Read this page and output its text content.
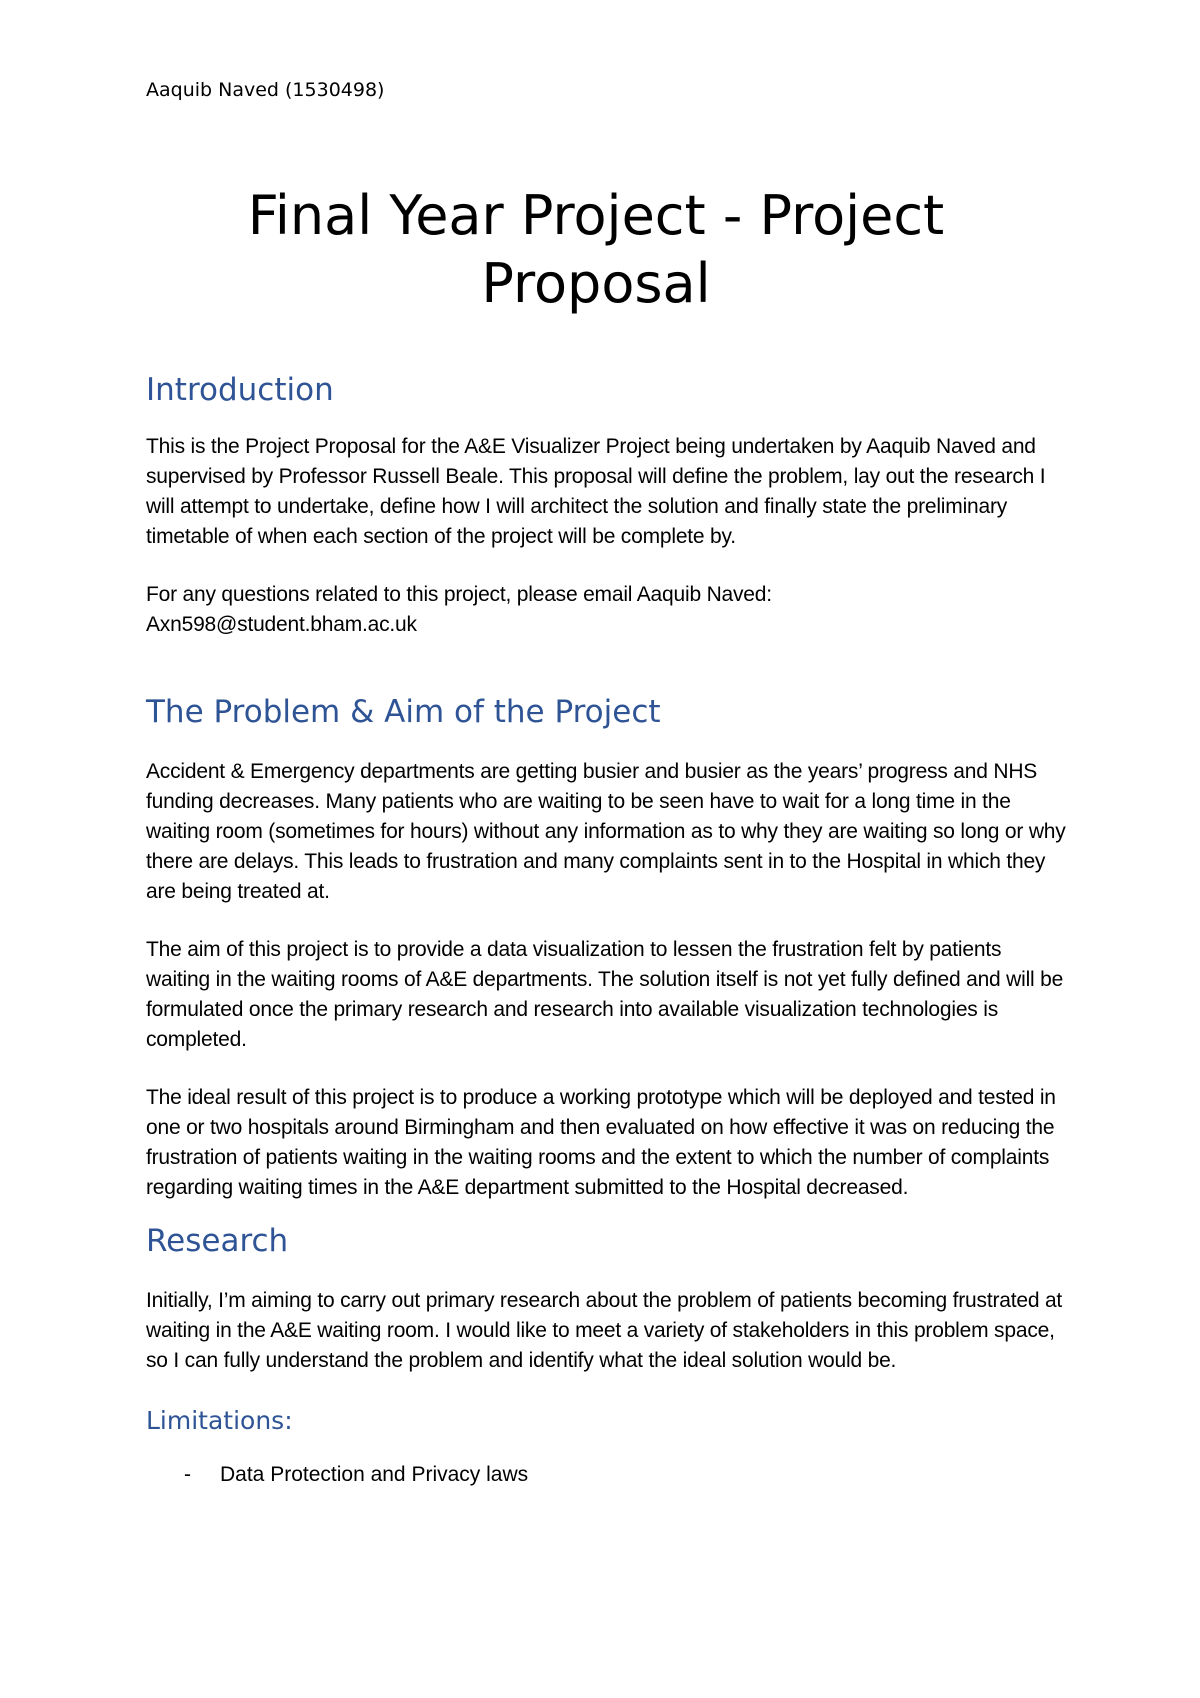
Aaquib Naved (1530498)

Final Year Project - Project
Proposal
Introduction

This is the Project Proposal for the A&E Visualizer Project being undertaken by Aaquib Naved and supervised by Professor Russell Beale. This proposal will define the problem, lay out the research I will attempt to undertake, define how I will architect the solution and finally state the preliminary timetable of when each section of the project will be complete by.

For any questions related to this project, please email Aaquib Naved:
Axn598@student.bham.ac.uk

The Problem & Aim of the Project

Accident & Emergency departments are getting busier and busier as the years’ progress and NHS funding decreases. Many patients who are waiting to be seen have to wait for a long time in the waiting room (sometimes for hours) without any information as to why they are waiting so long or why there are delays. This leads to frustration and many complaints sent in to the Hospital in which they are being treated at.

The aim of this project is to provide a data visualization to lessen the frustration felt by patients waiting in the waiting rooms of A&E departments. The solution itself is not yet fully defined and will be formulated once the primary research and research into available visualization technologies is completed.

The ideal result of this project is to produce a working prototype which will be deployed and tested in one or two hospitals around Birmingham and then evaluated on how effective it was on reducing the frustration of patients waiting in the waiting rooms and the extent to which the number of complaints regarding waiting times in the A&E department submitted to the Hospital decreased.

Research

Initially, I’m aiming to carry out primary research about the problem of patients becoming frustrated at waiting in the A&E waiting room. I would like to meet a variety of stakeholders in this problem space, so I can fully understand the problem and identify what the ideal solution would be.

Limitations:
-	Data Protection and Privacy laws
